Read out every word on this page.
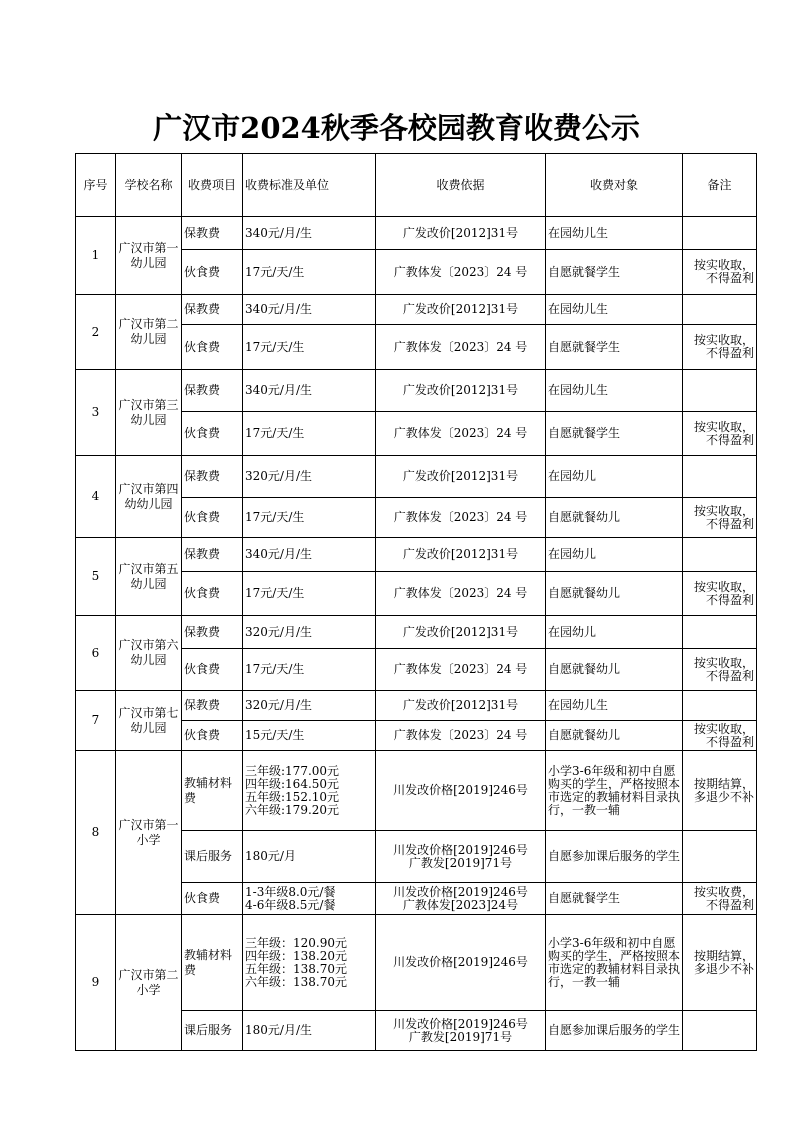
广汉市2024秋季各校园教育收费公示
序号	学校名称	收费项目	收费标准及单位	收费依据	收费对象	备注
1	广汉市第一幼儿园	保教费	340元/月/生	广发改价[2012]31号	在园幼儿生	
		伙食费	17元/天/生	广教体发〔2023〕24 号	自愿就餐学生	按实收取，不得盈利
2	广汉市第二幼儿园	保教费	340元/月/生	广发改价[2012]31号	在园幼儿生	
		伙食费	17元/天/生	广教体发〔2023〕24 号	自愿就餐学生	按实收取，不得盈利
3	广汉市第三幼儿园	保教费	340元/月/生	广发改价[2012]31号	在园幼儿生	
		伙食费	17元/天/生	广教体发〔2023〕24 号	自愿就餐学生	按实收取，不得盈利
4	广汉市第四幼幼儿园	保教费	320元/月/生	广发改价[2012]31号	在园幼儿	
		伙食费	17元/天/生	广教体发〔2023〕24 号	自愿就餐幼儿	按实收取，不得盈利
5	广汉市第五幼儿园	保教费	340元/月/生	广发改价[2012]31号	在园幼儿	
		伙食费	17元/天/生	广教体发〔2023〕24 号	自愿就餐幼儿	按实收取，不得盈利
6	广汉市第六幼儿园	保教费	320元/月/生	广发改价[2012]31号	在园幼儿	
		伙食费	17元/天/生	广教体发〔2023〕24 号	自愿就餐幼儿	按实收取，不得盈利
7	广汉市第七幼儿园	保教费	320元/月/生	广发改价[2012]31号	在园幼儿生	
		伙食费	15元/天/生	广教体发〔2023〕24 号	自愿就餐幼儿	按实收取，不得盈利
8	广汉市第一小学	教辅材料费	三年级:177.00元
四年级:164.50元
五年级:152.10元
六年级:179.20元	川发改价格[2019]246号	小学3-6年级和初中自愿购买的学生，严格按照本市选定的教辅材料目录执行，一教一辅	按期结算，多退少不补
		课后服务	180元/月	川发改价格[2019]246号
广教发[2019]71号	自愿参加课后服务的学生	
		伙食费	1-3年级8.0元/餐
4-6年级8.5元/餐	川发改价格[2019]246号
广教体发[2023]24号	自愿就餐学生	按实收费，不得盈利
9	广汉市第二小学	教辅材料费	三年级：120.90元
四年级：138.20元
五年级：138.70元
六年级：138.70元	川发改价格[2019]246号	小学3-6年级和初中自愿购买的学生，严格按照本市选定的教辅材料目录执行，一教一辅	按期结算，多退少不补
		课后服务	180元/月/生	川发改价格[2019]246号
广教发[2019]71号	自愿参加课后服务的学生	
